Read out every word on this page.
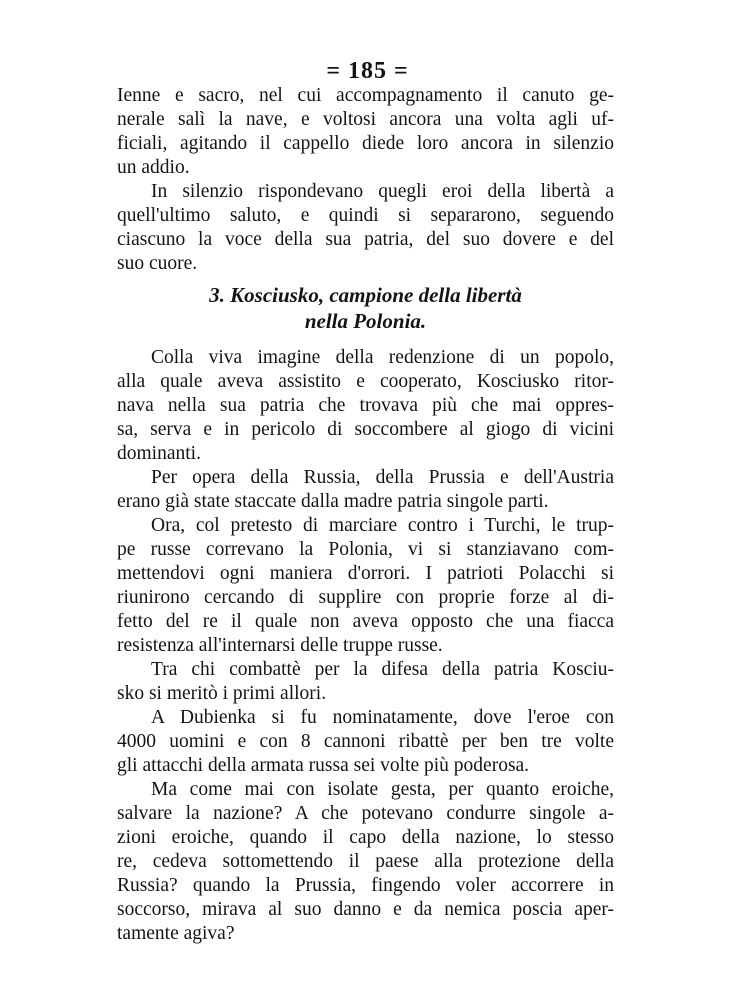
= 185 =
Ienne e sacro, nel cui accompagnamento il canuto ge-
nerale salì la nave, e voltosi ancora una volta agli uf-
ficiali, agitando il cappello diede loro ancora in silenzio
un addio.
In silenzio rispondevano quegli eroi della libertà a
quell'ultimo saluto, e quindi si separarono, seguendo
ciascuno la voce della sua patria, del suo dovere e del
suo cuore.
3. Kosciusko, campione della libertà
nella Polonia.
Colla viva imagine della redenzione di un popolo,
alla quale aveva assistito e cooperato, Kosciusko ritor-
nava nella sua patria che trovava più che mai oppres-
sa, serva e in pericolo di soccombere al giogo di vicini
dominanti.
Per opera della Russia, della Prussia e dell'Austria
erano già state staccate dalla madre patria singole parti.
Ora, col pretesto di marciare contro i Turchi, le trup-
pe russe correvano la Polonia, vi si stanziavano com-
mettendovi ogni maniera d'orrori. I patrioti Polacchi si
riunirono cercando di supplire con proprie forze al di-
fetto del re il quale non aveva opposto che una fiacca
resistenza all'internarsi delle truppe russe.
Tra chi combattè per la difesa della patria Kosciu-
sko si meritò i primi allori.
A Dubienka si fu nominatamente, dove l'eroe con
4000 uomini e con 8 cannoni ribattè per ben tre volte
gli attacchi della armata russa sei volte più poderosa.
Ma come mai con isolate gesta, per quanto eroiche,
salvare la nazione? A che potevano condurre singole a-
zioni eroiche, quando il capo della nazione, lo stesso
re, cedeva sottomettendo il paese alla protezione della
Russia? quando la Prussia, fingendo voler accorrere in
soccorso, mirava al suo danno e da nemica poscia aper-
tamente agiva?
